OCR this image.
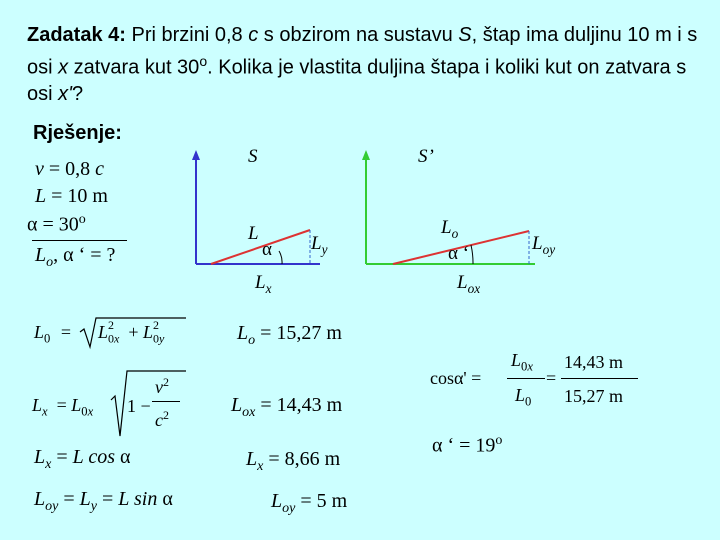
Zadatak 4: Pri brzini 0,8 c s obzirom na sustavu S, štap ima duljinu 10 m i s osi x zatvara kut 30$^o$. Kolika je vlastita duljina štapa i koliki kut on zatvara s osi x'?
Rješenje:
v = 0,8 c
L = 10 m
$\alpha = 30^o$
$L_o$, α ‘ = ?
S
L
α $L_y$
$L_x$
S’
$L_o$
α ‘	$L_{oy}$
$L_{ox}$
$L_0 = L$ 2
$_{0x}$  + L 2
$_{0y}$
$L_x = L_{0x}$ 1 −
$v^2$
$c^2$
$L_x = L$ cos α
$L_{oy} = L_y = L$ sin α
$L_o = 15,27$ m
$L_{ox} = 14,43$ m
$L_x = 8,66$ m
$L_{oy} = 5$ m
cosα' =
$L_{0x}$
$L_0$
=
14,43 m
15,27 m
α ‘ = $19^o$
